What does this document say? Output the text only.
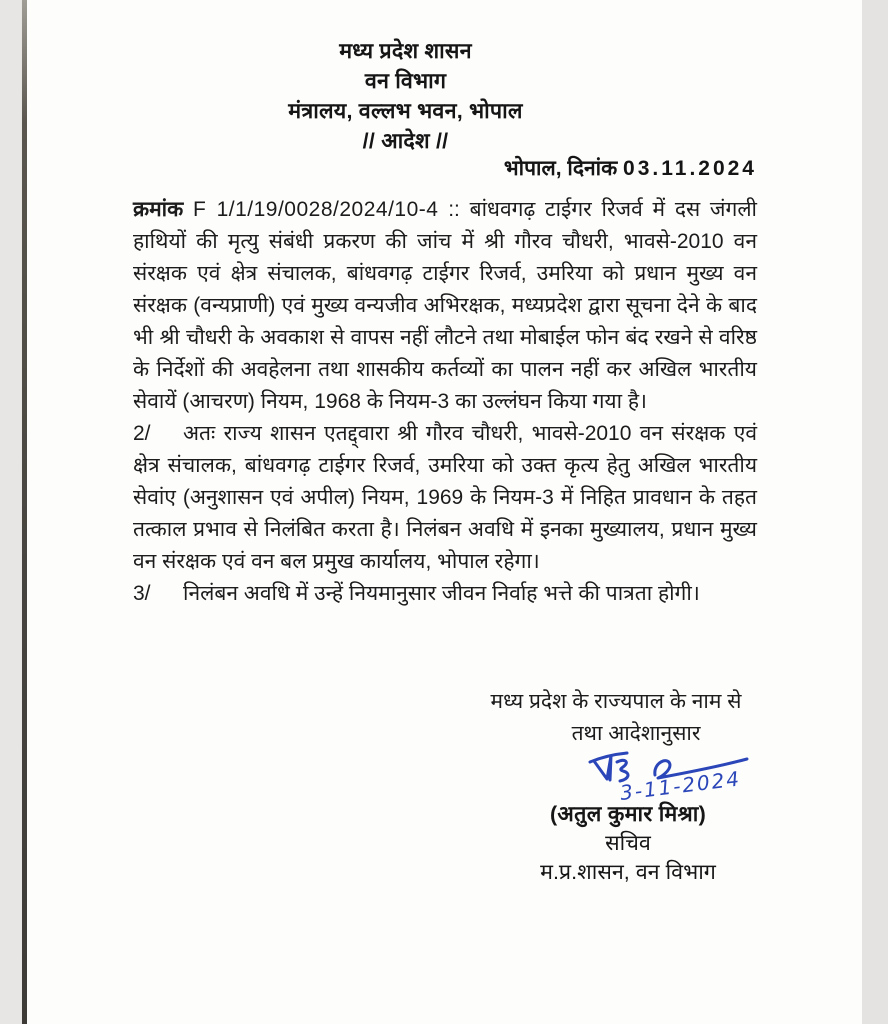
मध्य प्रदेश शासन
वन विभाग
मंत्रालय, वल्लभ भवन, भोपाल
// आदेश //
भोपाल, दिनांक 03.11.2024

क्रमांक F 1/1/19/0028/2024/10-4 :: बांधवगढ़ टाईगर रिजर्व में दस जंगली हाथियों की मृत्यु संबंधी प्रकरण की जांच में श्री गौरव चौधरी, भावसे-2010 वन संरक्षक एवं क्षेत्र संचालक, बांधवगढ़ टाईगर रिजर्व, उमरिया को प्रधान मुख्य वन संरक्षक (वन्यप्राणी) एवं मुख्य वन्यजीव अभिरक्षक, मध्यप्रदेश द्वारा सूचना देने के बाद भी श्री चौधरी के अवकाश से वापस नहीं लौटने तथा मोबाईल फोन बंद रखने से वरिष्ठ के निर्देशों की अवहेलना तथा शासकीय कर्तव्यों का पालन नहीं कर अखिल भारतीय सेवायें (आचरण) नियम, 1968 के नियम-3 का उल्लंघन किया गया है।

2/ अतः राज्य शासन एतद्द्वारा श्री गौरव चौधरी, भावसे-2010 वन संरक्षक एवं क्षेत्र संचालक, बांधवगढ़ टाईगर रिजर्व, उमरिया को उक्त कृत्य हेतु अखिल भारतीय सेवांए (अनुशासन एवं अपील) नियम, 1969 के नियम-3 में निहित प्रावधान के तहत तत्काल प्रभाव से निलंबित करता है। निलंबन अवधि में इनका मुख्यालय, प्रधान मुख्य वन संरक्षक एवं वन बल प्रमुख कार्यालय, भोपाल रहेगा।

3/ निलंबन अवधि में उन्हें नियमानुसार जीवन निर्वाह भत्ते की पात्रता होगी।

मध्य प्रदेश के राज्यपाल के नाम से
तथा आदेशानुसार
3-11-2024
(अतुल कुमार मिश्रा)
सचिव
म.प्र.शासन, वन विभाग
